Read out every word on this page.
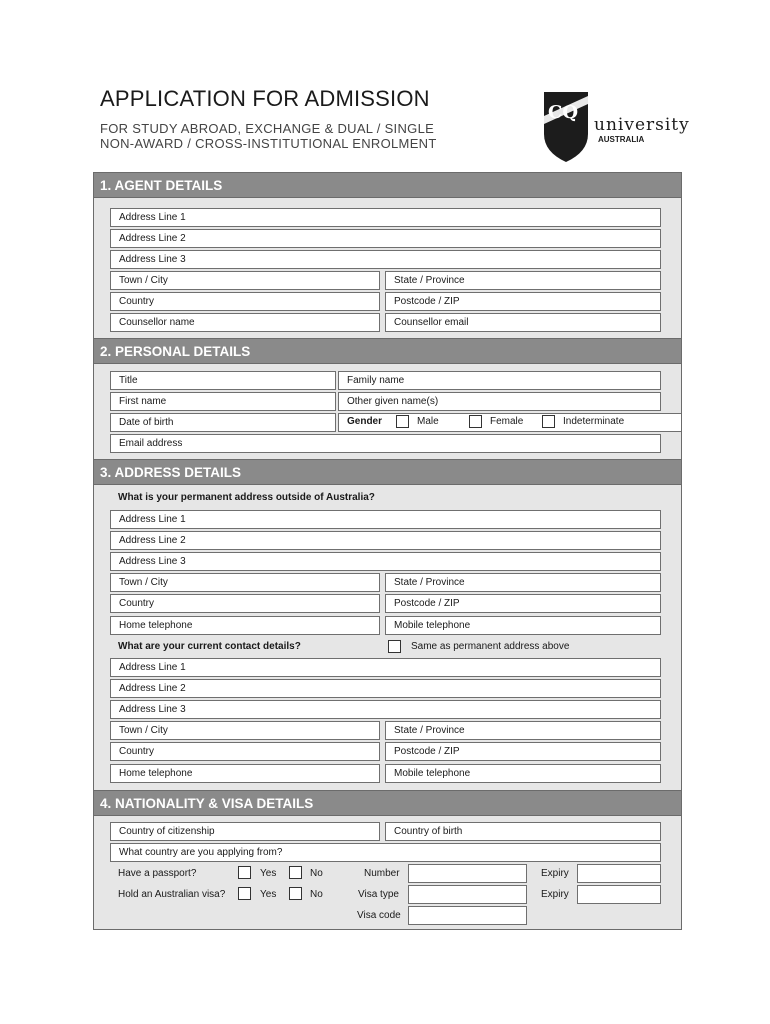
APPLICATION FOR ADMISSION
FOR STUDY ABROAD, EXCHANGE & DUAL / SINGLE
NON-AWARD / CROSS-INSTITUTIONAL ENROLMENT
CQ
university
AUSTRALIA
1. AGENT DETAILS
Address Line 1
Address Line 2
Address Line 3
Town / City	State / Province
Country	Postcode / ZIP
Counsellor name	Counsellor email
2. PERSONAL DETAILS
Title	Family name
First name	Other given name(s)
Date of birth	Gender	Male	Female	Indeterminate
Email address
3. ADDRESS DETAILS
What is your permanent address outside of Australia?
Address Line 1
Address Line 2
Address Line 3
Town / City	State / Province
Country	Postcode / ZIP
Home telephone	Mobile telephone
What are your current contact details?	Same as permanent address above
Address Line 1
Address Line 2
Address Line 3
Town / City	State / Province
Country	Postcode / ZIP
Home telephone	Mobile telephone
4. NATIONALITY & VISA DETAILS
Country of citizenship	Country of birth
What country are you applying from?
Have a passport?	Yes	No	Number	Expiry
Hold an Australian visa?	Yes	No	Visa type	Expiry
Visa code
